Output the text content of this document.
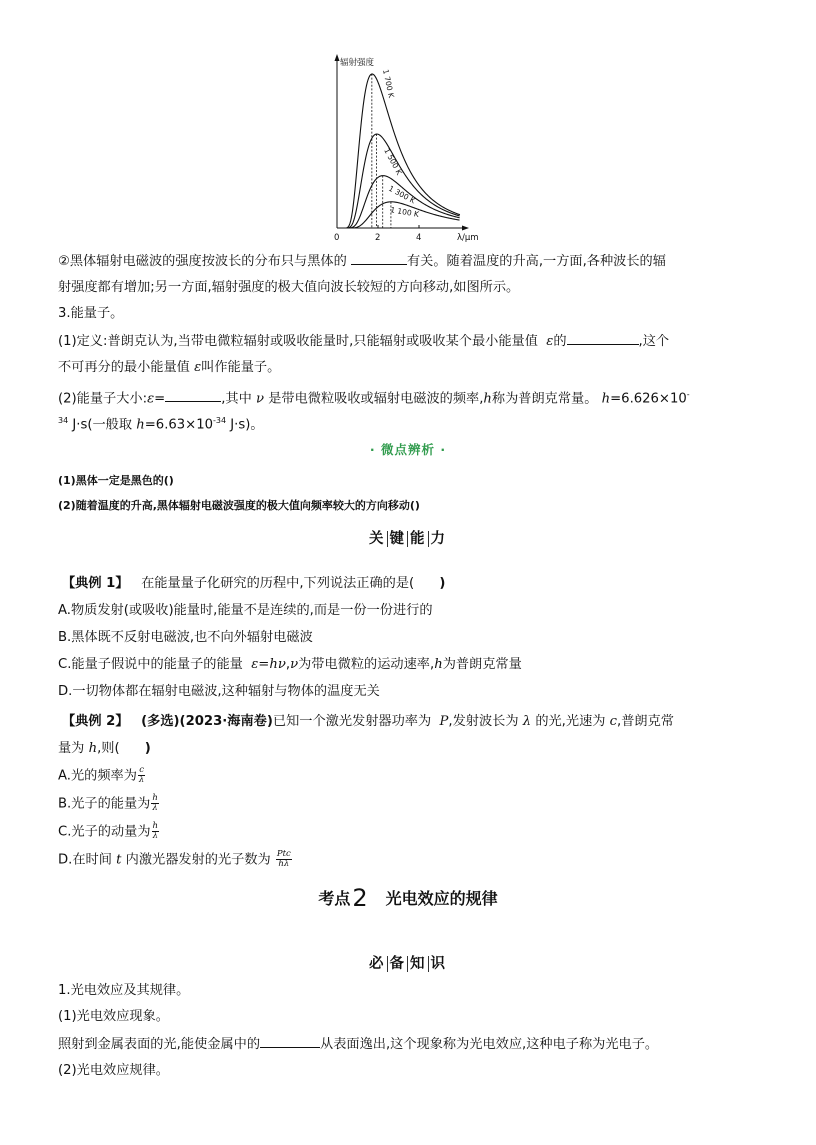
辐射强度
λ/μm
0	2	4
1 700 K
1 500 K
1 300 K
1 100 K
②黑体辐射电磁波的强度按波长的分布只与黑体的	有关。随着温度的升高,一方面,各种波长的辐
射强度都有增加;另一方面,辐射强度的极大值向波长较短的方向移动,如图所示。
3.能量子。
(1)定义:普朗克认为,当带电微粒辐射或吸收能量时,只能辐射或吸收某个最小能量值 ε的	,这个
不可再分的最小能量值 ε叫作能量子。
(2)能量子大小:ε=	,其中 ν 是带电微粒吸收或辐射电磁波的频率,h称为普朗克常量。 h=6.626×10-
$^{34}$ J·s(一般取 $h=6.63\times 10^{-34}$ J·s)。
· 微点辨析 ·
(1)黑体一定是黑色的()
(2)随着温度的升高,黑体辐射电磁波强度的极大值向频率较大的方向移动()
关 键 能 力
【典例 1】 在能量量子化研究的历程中,下列说法正确的是( )
A.物质发射(或吸收)能量时,能量不是连续的,而是一份一份进行的
B.黑体既不反射电磁波,也不向外辐射电磁波
C.能量子假说中的能量子的能量 ε=hν,ν为带电微粒的运动速率,h为普朗克常量
D.一切物体都在辐射电磁波,这种辐射与物体的温度无关
【典例 2】 (多选)(2023·海南卷)已知一个激光发射器功率为 P,发射波长为 λ 的光,光速为 c,普朗克常
量为 h,则( )
A.光的频率为 $\frac{c}{\lambda}$
B.光子的能量为 $\frac{h}{\lambda}$
C.光子的动量为 $\frac{h}{\lambda}$
D.在时间 t 内激光器发射的光子数为 $\frac{\text{Ptc}}{h\lambda}$
考点2 光电效应的规律
必 备 知 识
1.光电效应及其规律。
(1)光电效应现象。
照射到金属表面的光,能使金属中的	从表面逸出,这个现象称为光电效应,这种电子称为光电子。
(2)光电效应规律。
